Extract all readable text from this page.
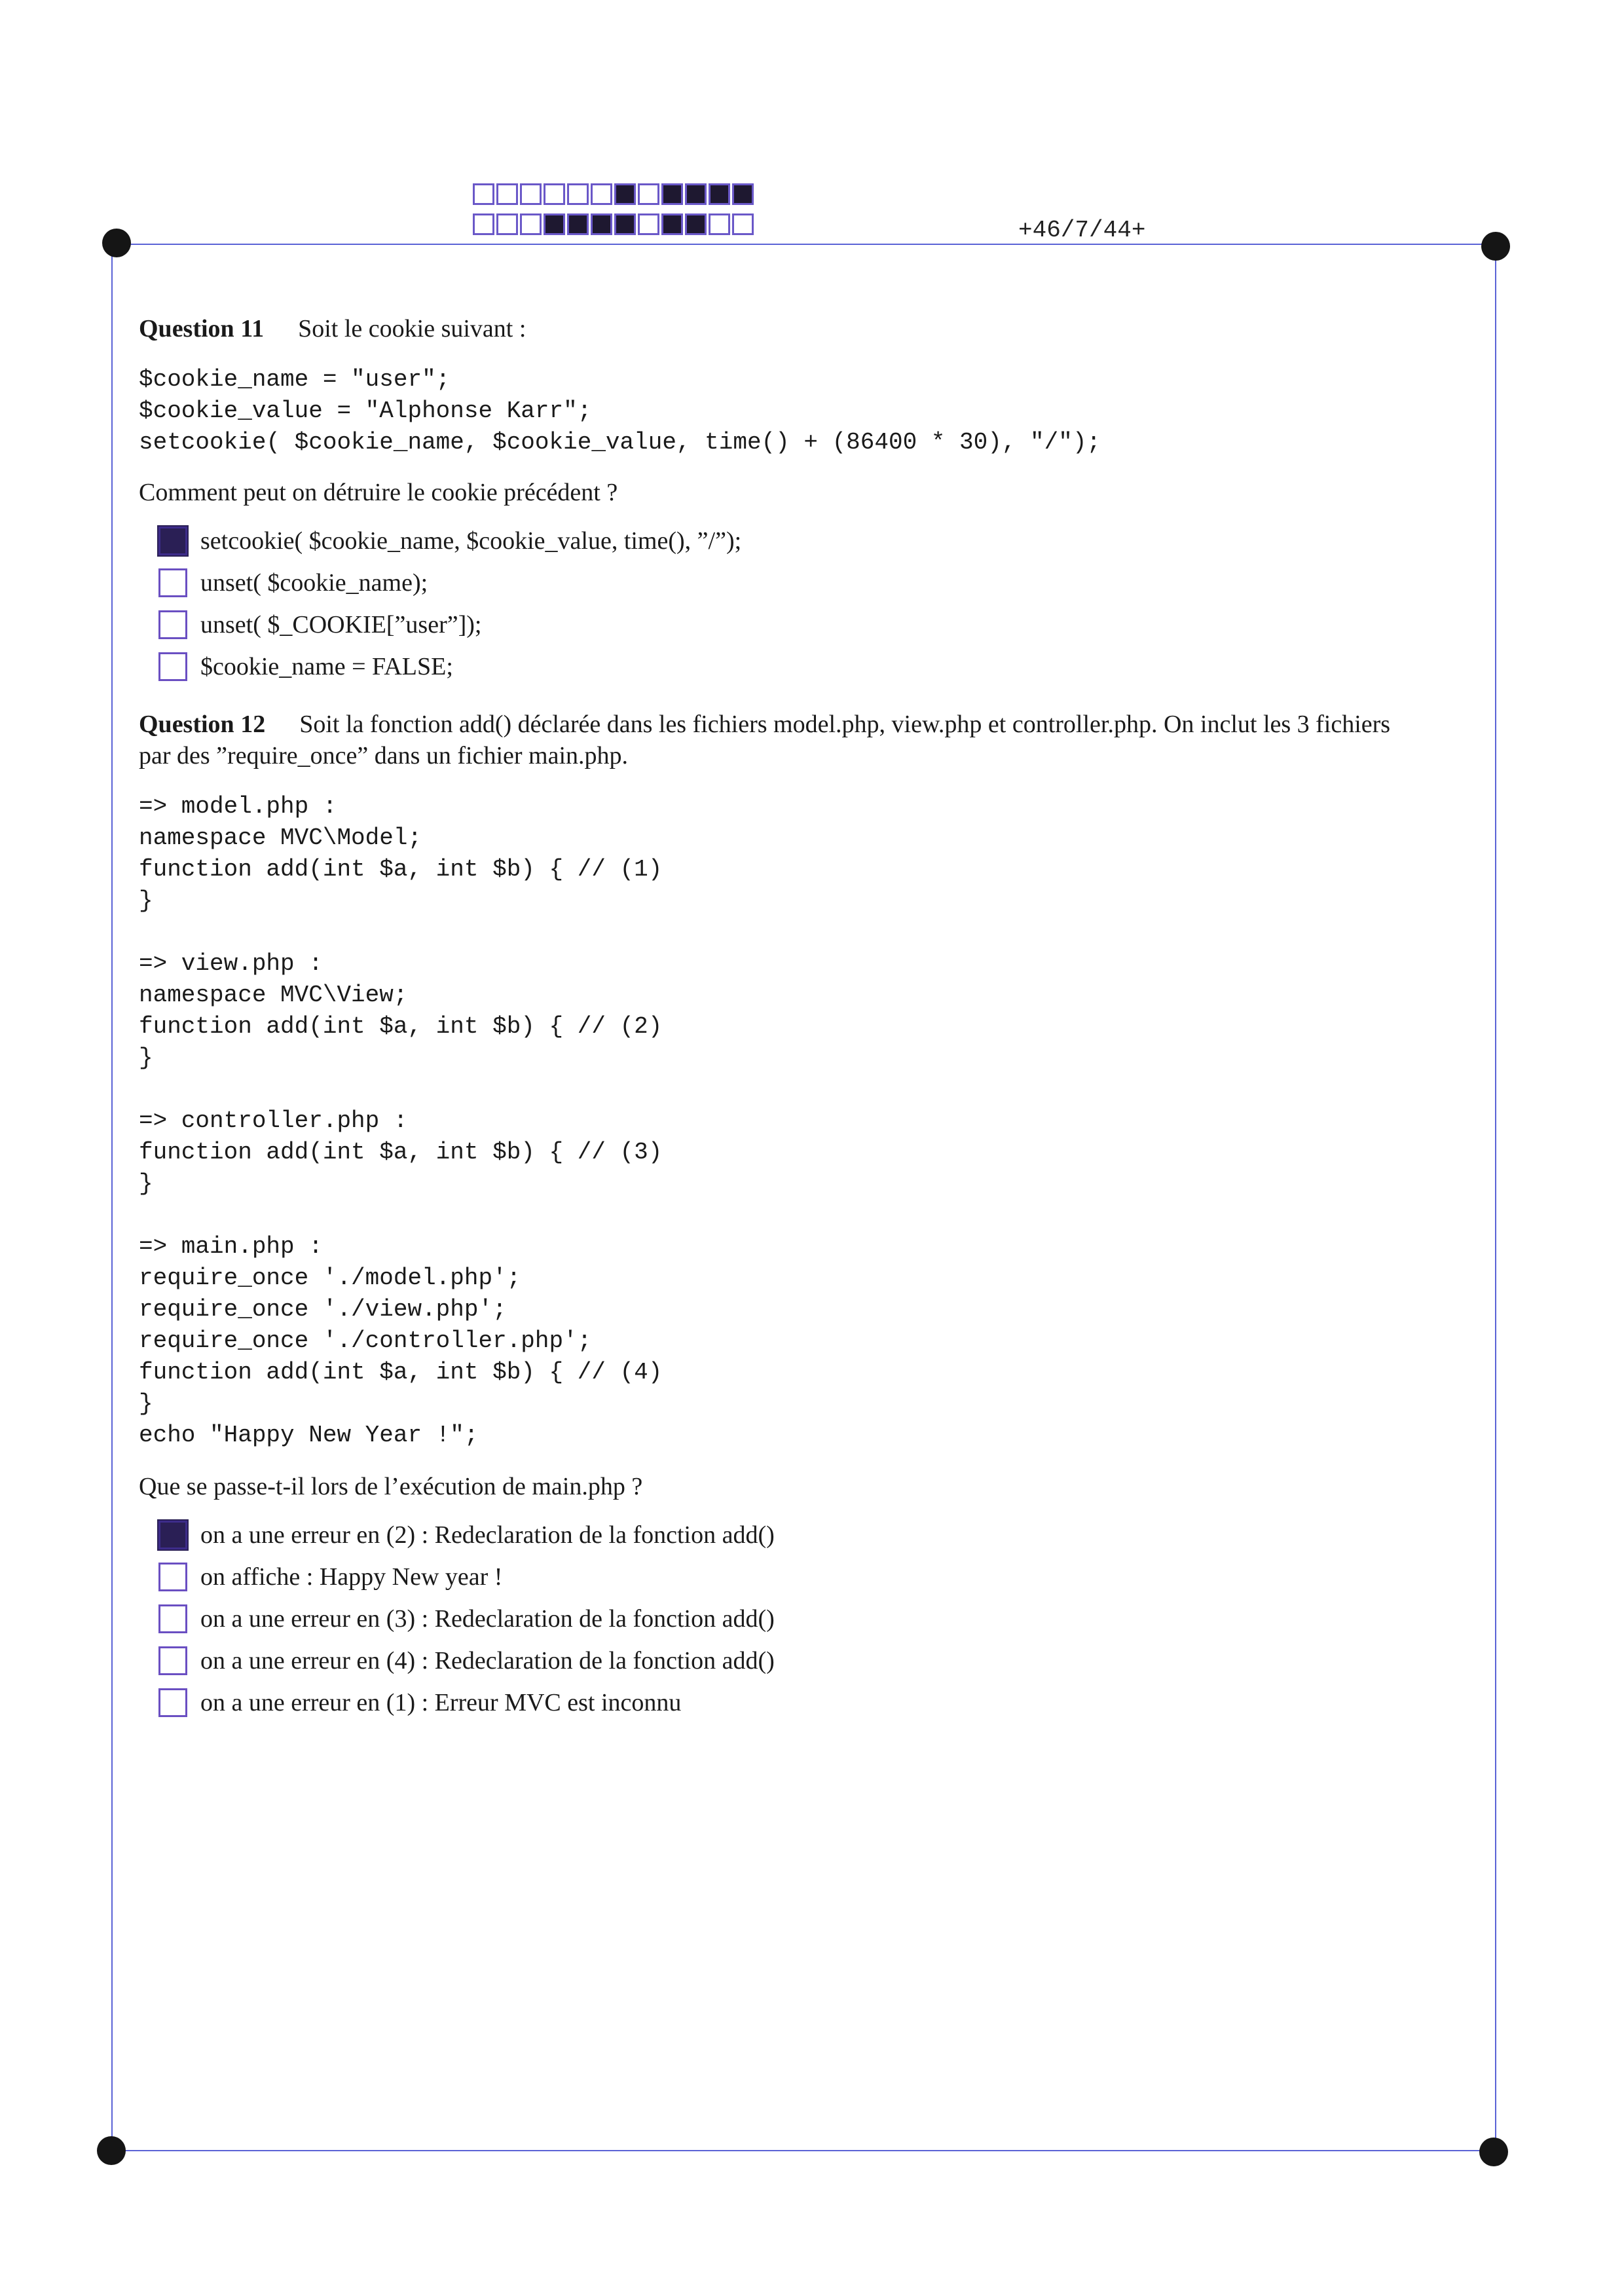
+46/7/44+

Question 11 Soit le cookie suivant :

$cookie_name = "user";
$cookie_value = "Alphonse Karr";
setcookie( $cookie_name, $cookie_value, time() + (86400 * 30), "/");

Comment peut on détruire le cookie précédent ?

setcookie( $cookie_name, $cookie_value, time(), ”/”);
unset( $cookie_name);
unset( $_COOKIE[”user”]);
$cookie_name = FALSE;

Question 12 Soit la fonction add() déclarée dans les fichiers model.php, view.php et controller.php. On inclut les 3 fichiers

par des ”require_once” dans un fichier main.php.

=> model.php :
namespace MVC\Model;
function add(int $a, int $b) { // (1)
}
=> view.php :
namespace MVC\View;
function add(int $a, int $b) { // (2)
}
=> controller.php :
function add(int $a, int $b) { // (3)
}
=> main.php :
require_once './model.php';
require_once './view.php';
require_once './controller.php';
function add(int $a, int $b) { // (4)
}
echo "Happy New Year !";

Que se passe-t-il lors de l’exécution de main.php ?

on a une erreur en (2) : Redeclaration de la fonction add()
on affiche : Happy New year !
on a une erreur en (3) : Redeclaration de la fonction add()
on a une erreur en (4) : Redeclaration de la fonction add()
on a une erreur en (1) : Erreur MVC est inconnu
